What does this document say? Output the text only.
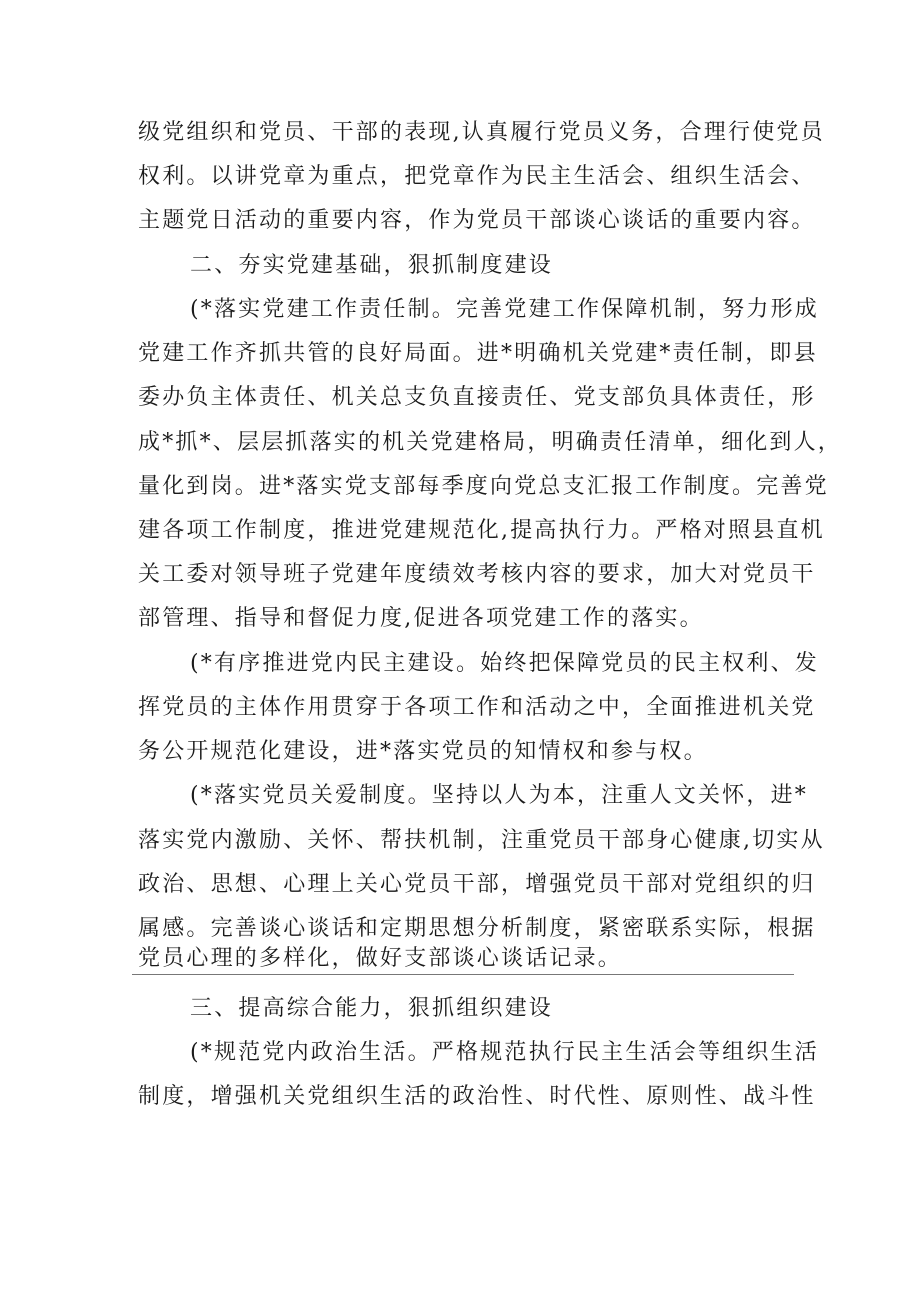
级党组织和党员、干部的表现,认真履行党员义务，合理行使党员
权利。以讲党章为重点，把党章作为民主生活会、组织生活会、
主题党日活动的重要内容，作为党员干部谈心谈话的重要内容。
二、夯实党建基础，狠抓制度建设
(*落实党建工作责任制。完善党建工作保障机制，努力形成
党建工作齐抓共管的良好局面。进*明确机关党建*责任制，即县
委办负主体责任、机关总支负直接责任、党支部负具体责任，形
成*抓*、层层抓落实的机关党建格局，明确责任清单，细化到人，
量化到岗。进*落实党支部每季度向党总支汇报工作制度。完善党
建各项工作制度，推进党建规范化,提高执行力。严格对照县直机
关工委对领导班子党建年度绩效考核内容的要求，加大对党员干
部管理、指导和督促力度,促进各项党建工作的落实。
(*有序推进党内民主建设。始终把保障党员的民主权利、发
挥党员的主体作用贯穿于各项工作和活动之中，全面推进机关党
务公开规范化建设，进*落实党员的知情权和参与权。
(*落实党员关爱制度。坚持以人为本，注重人文关怀，进*
落实党内激励、关怀、帮扶机制，注重党员干部身心健康,切实从
政治、思想、心理上关心党员干部，增强党员干部对党组织的归
属感。完善谈心谈话和定期思想分析制度，紧密联系实际，根据
党员心理的多样化，做好支部谈心谈话记录。
三、提高综合能力，狠抓组织建设
(*规范党内政治生活。严格规范执行民主生活会等组织生活
制度，增强机关党组织生活的政治性、时代性、原则性、战斗性
